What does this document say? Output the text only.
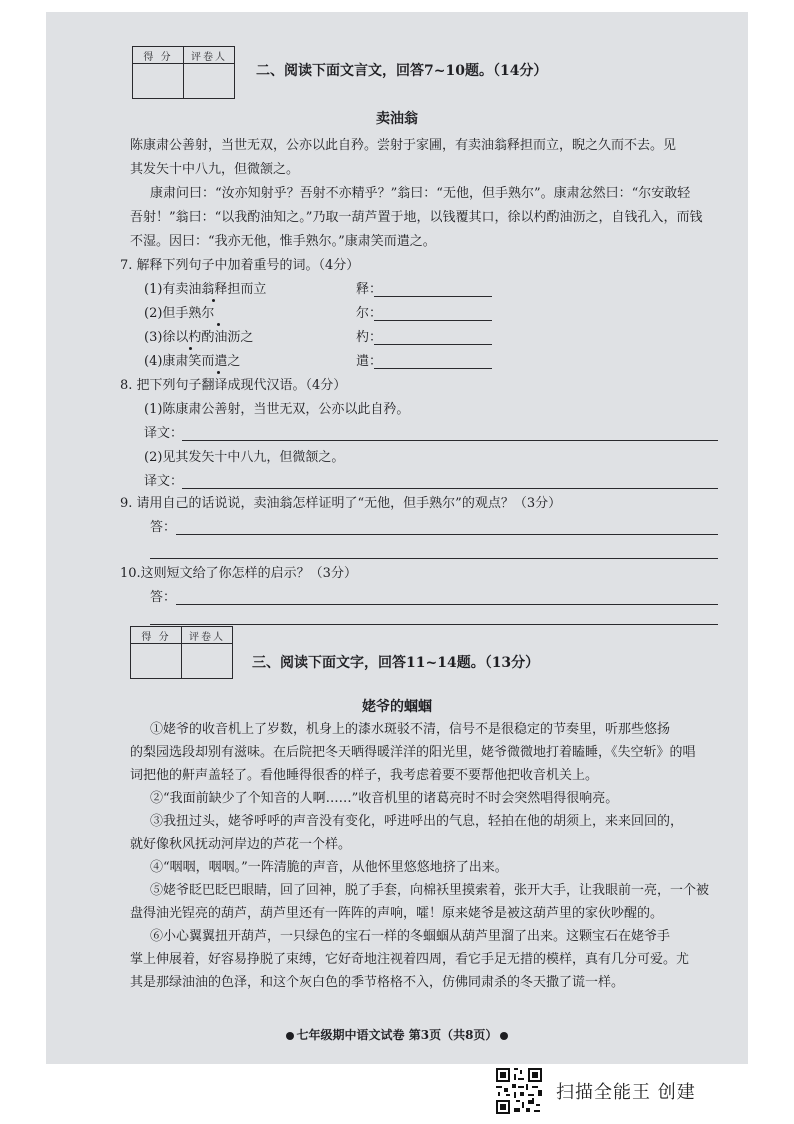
得 分	评卷人

二、阅读下面文言文，回答7~10题。（14分）
卖油翁
陈康肃公善射，当世无双，公亦以此自矜。尝射于家圃，有卖油翁释担而立，睨之久而不去。见
其发矢十中八九，但微颔之。
康肃问曰：“汝亦知射乎？吾射不亦精乎？”翁曰：“无他，但手熟尔”。康肃忿然曰：“尔安敢轻
吾射！”翁曰：“以我酌油知之。”乃取一葫芦置于地，以钱覆其口，徐以杓酌油沥之，自钱孔入，而钱
不湿。因曰：“我亦无他，惟手熟尔。”康肃笑而遣之。
7. 解释下列句子中加着重号的词。（4分）
(1)有卖油翁释担而立	释：
(2)但手熟尔	尔：
(3)徐以杓酌油沥之	杓：
(4)康肃笑而遣之	遣：
8. 把下列句子翻译成现代汉语。（4分）
(1)陈康肃公善射，当世无双，公亦以此自矜。
译文：
(2)见其发矢十中八九，但微颔之。
译文：
9. 请用自己的话说说，卖油翁怎样证明了“无他，但手熟尔”的观点？（3分）
答：
10.这则短文给了你怎样的启示？（3分）
答：
得 分	评卷人

三、阅读下面文字，回答11~14题。（13分）
姥爷的蝈蝈
①姥爷的收音机上了岁数，机身上的漆水斑驳不清，信号不是很稳定的节奏里，听那些悠扬
的梨园选段却别有滋味。在后院把冬天晒得暖洋洋的阳光里，姥爷微微地打着瞌睡，《失空斩》的唱
词把他的鼾声盖轻了。看他睡得很香的样子，我考虑着要不要帮他把收音机关上。
②“我面前缺少了个知音的人啊……”收音机里的诸葛亮时不时会突然唱得很响亮。
③我扭过头，姥爷呼呼的声音没有变化，呼进呼出的气息，轻拍在他的胡须上，来来回回的，
就好像秋风抚动河岸边的芦花一个样。
④“咽咽，咽咽。”一阵清脆的声音，从他怀里悠悠地挤了出来。
⑤姥爷眨巴眨巴眼睛，回了回神，脱了手套，向棉袄里摸索着，张开大手，让我眼前一亮，一个被
盘得油光锃亮的葫芦，葫芦里还有一阵阵的声响，嚯！原来姥爷是被这葫芦里的家伙吵醒的。
⑥小心翼翼扭开葫芦，一只绿色的宝石一样的冬蝈蝈从葫芦里溜了出来。这颗宝石在姥爷手
掌上伸展着，好容易挣脱了束缚，它好奇地注视着四周，看它手足无措的模样，真有几分可爱。尤
其是那绿油油的色泽，和这个灰白色的季节格格不入，仿佛同肃杀的冬天撒了谎一样。
七年级期中语文试卷 第3页（共8页）
扫描全能王 创建
